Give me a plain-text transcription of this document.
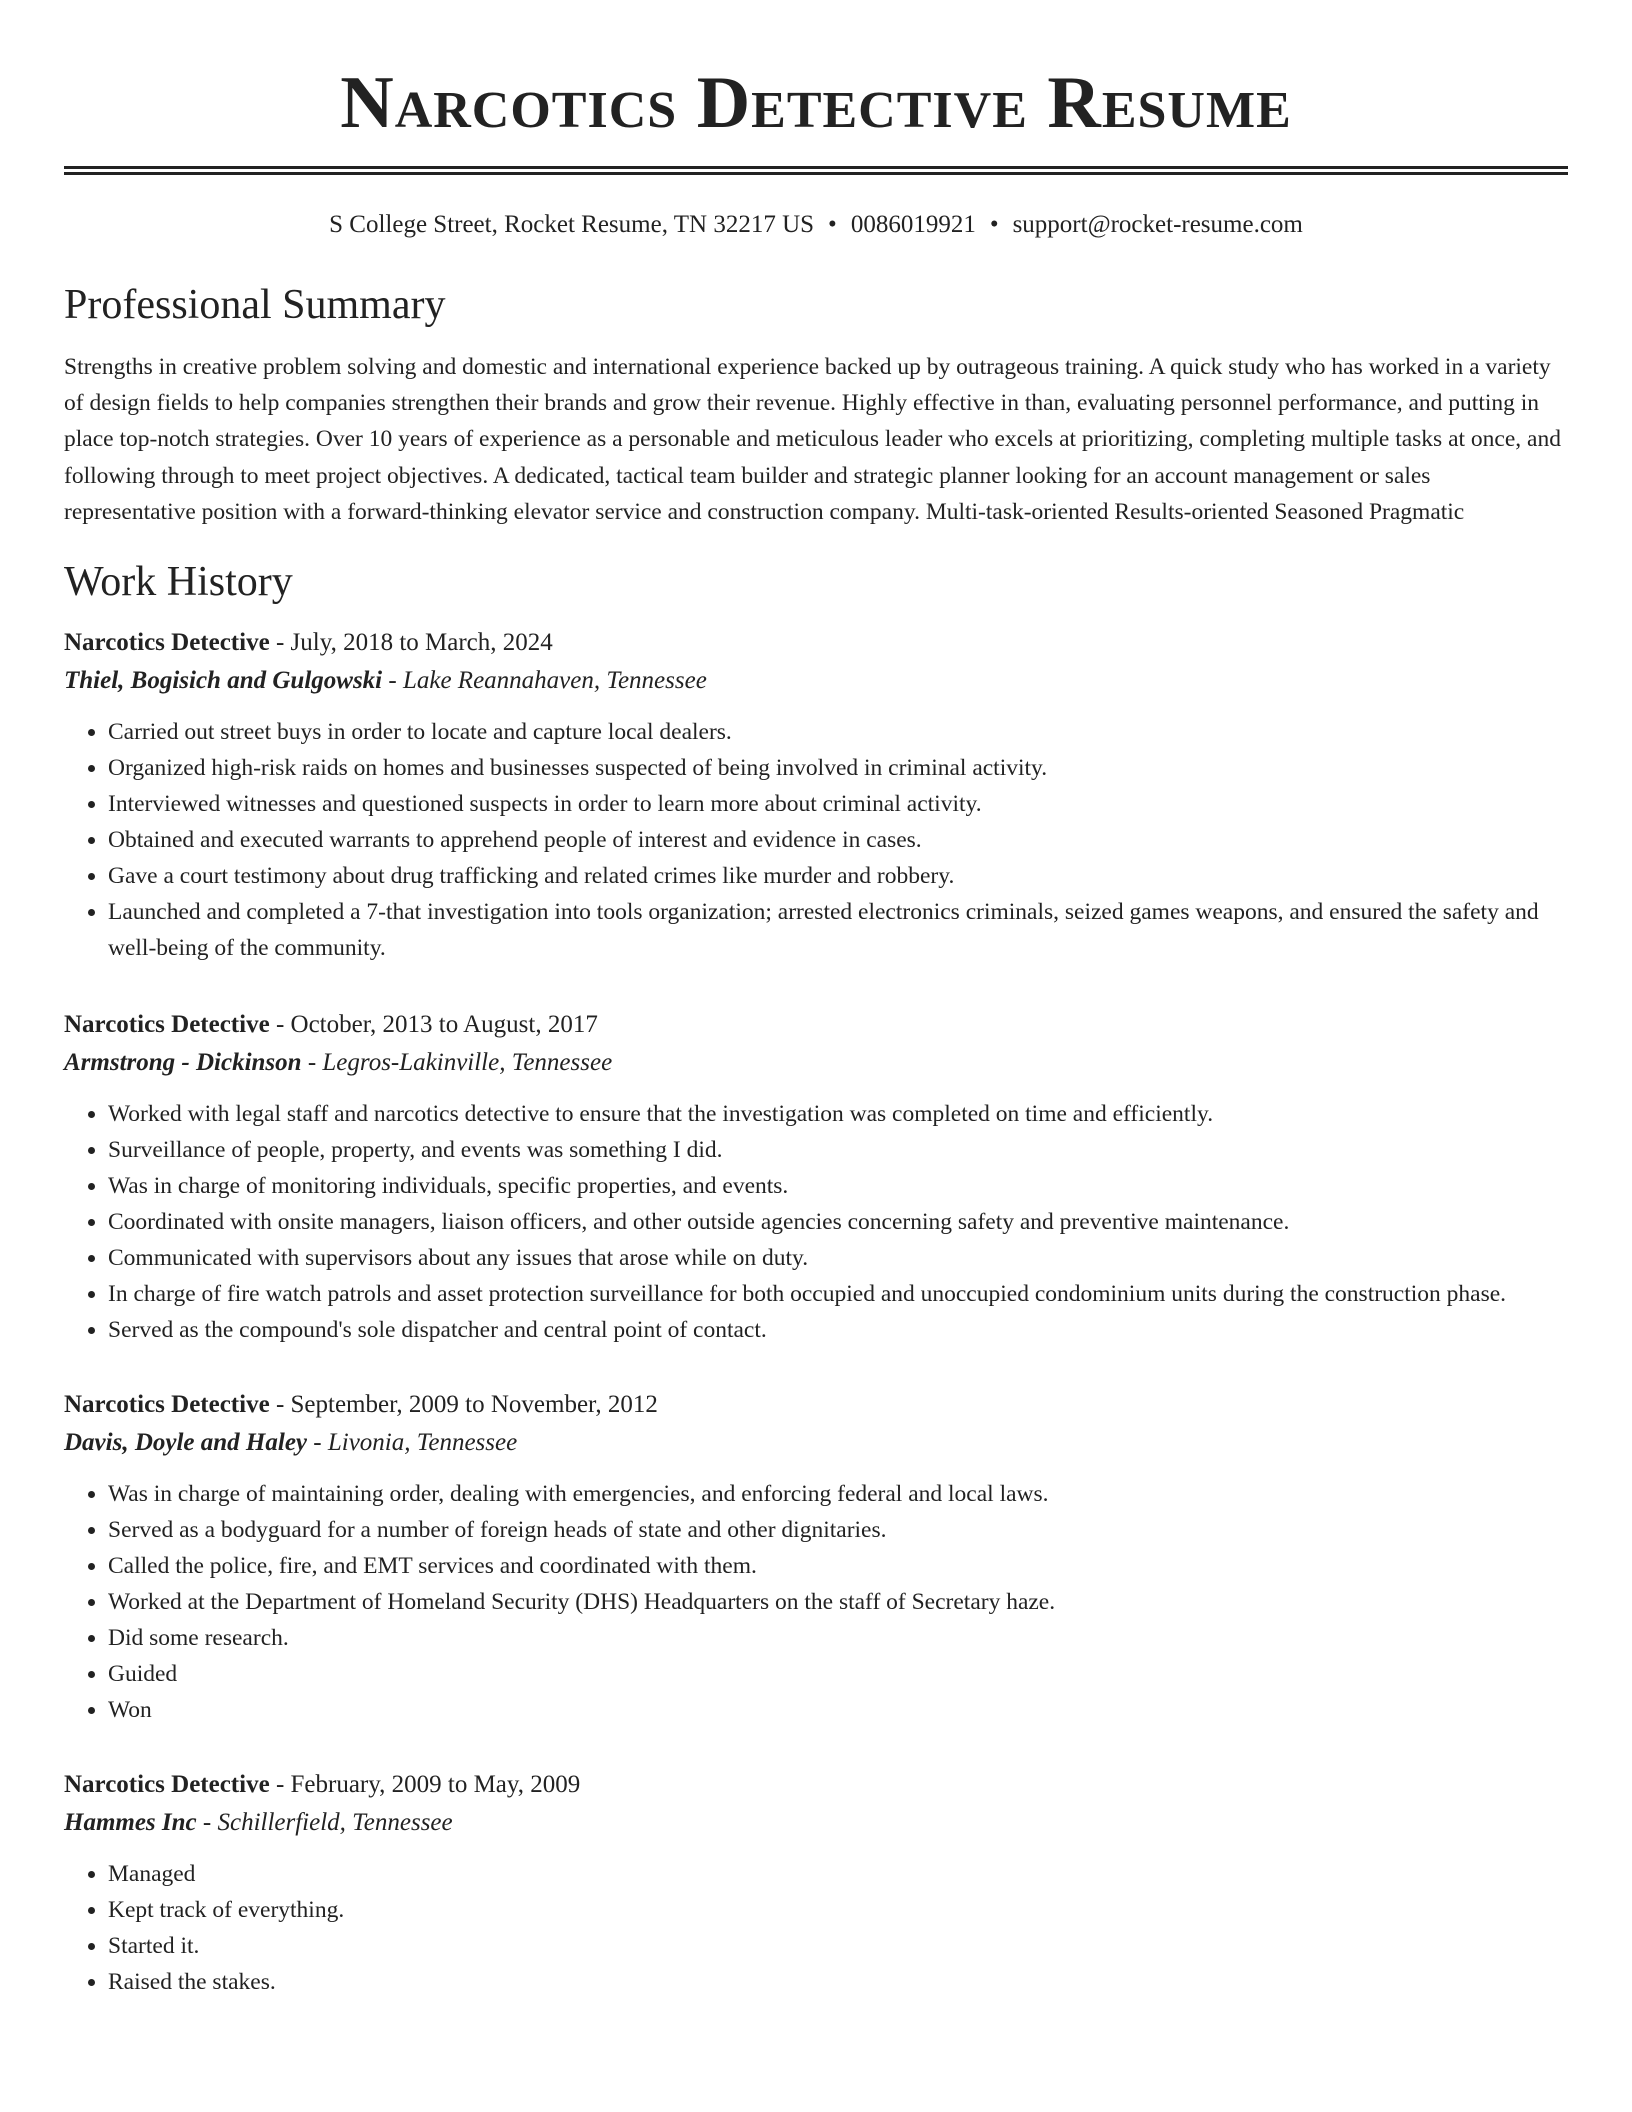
Narcotics Detective Resume
S College Street, Rocket Resume, TN 32217 US • 0086019921 • support@rocket-resume.com
Professional Summary

Strengths in creative problem solving and domestic and international experience backed up by outrageous training. A quick study who has worked in a variety of design fields to help companies strengthen their brands and grow their revenue. Highly effective in than, evaluating personnel performance, and putting in place top-notch strategies. Over 10 years of experience as a personable and meticulous leader who excels at prioritizing, completing multiple tasks at once, and following through to meet project objectives. A dedicated, tactical team builder and strategic planner looking for an account management or sales representative position with a forward-thinking elevator service and construction company. Multi-task-oriented Results-oriented Seasoned Pragmatic

Work History
Narcotics Detective - July, 2018 to March, 2024
Thiel, Bogisich and Gulgowski - Lake Reannahaven, Tennessee
• Carried out street buys in order to locate and capture local dealers.
• Organized high-risk raids on homes and businesses suspected of being involved in criminal activity.
• Interviewed witnesses and questioned suspects in order to learn more about criminal activity.
• Obtained and executed warrants to apprehend people of interest and evidence in cases.
• Gave a court testimony about drug trafficking and related crimes like murder and robbery.
• Launched and completed a 7-that investigation into tools organization; arrested electronics criminals, seized games weapons, and ensured the safety and well-being of the community.
Narcotics Detective - October, 2013 to August, 2017
Armstrong - Dickinson - Legros-Lakinville, Tennessee
• Worked with legal staff and narcotics detective to ensure that the investigation was completed on time and efficiently.
• Surveillance of people, property, and events was something I did.
• Was in charge of monitoring individuals, specific properties, and events.
• Coordinated with onsite managers, liaison officers, and other outside agencies concerning safety and preventive maintenance.
• Communicated with supervisors about any issues that arose while on duty.
• In charge of fire watch patrols and asset protection surveillance for both occupied and unoccupied condominium units during the construction phase.
• Served as the compound's sole dispatcher and central point of contact.
Narcotics Detective - September, 2009 to November, 2012
Davis, Doyle and Haley - Livonia, Tennessee
• Was in charge of maintaining order, dealing with emergencies, and enforcing federal and local laws.
• Served as a bodyguard for a number of foreign heads of state and other dignitaries.
• Called the police, fire, and EMT services and coordinated with them.
• Worked at the Department of Homeland Security (DHS) Headquarters on the staff of Secretary haze.
• Did some research.
• Guided
• Won
Narcotics Detective - February, 2009 to May, 2009
Hammes Inc - Schillerfield, Tennessee
• Managed
• Kept track of everything.
• Started it.
• Raised the stakes.
